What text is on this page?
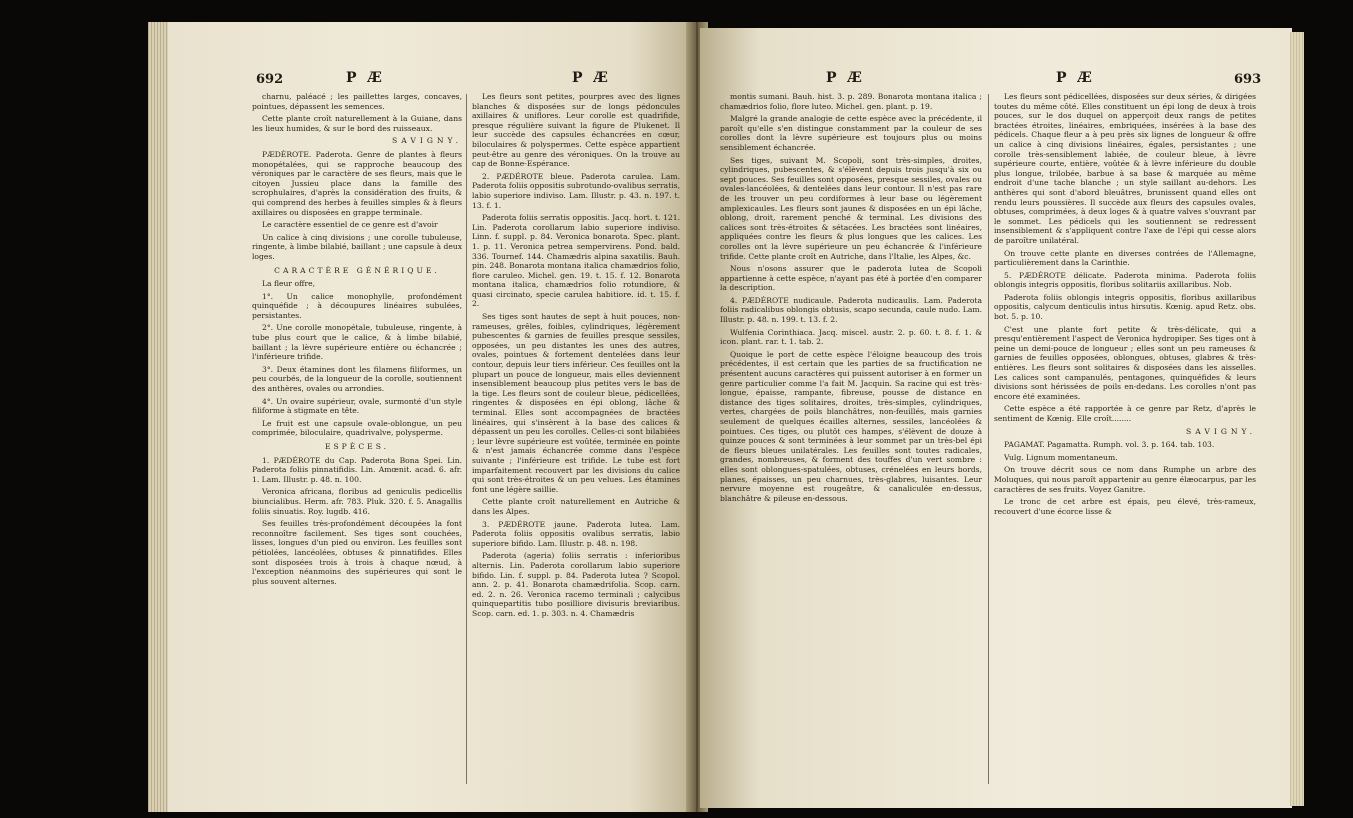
692	P Æ	P Æ

charnu, paléacé ; les paillettes larges, concaves, pointues, dépassent les semences.

Cette plante croît naturellement à la Guiane, dans les lieux humides, & sur le bord des ruisseaux.

SAVIGNY.

PÆDÉROTE. Paderota. Genre de plantes à fleurs monopétalées, qui se rapproche beaucoup des véroniques par le caractère de ses fleurs, mais que le citoyen Jussieu place dans la famille des scrophulaires, d'après la considération des fruits, & qui comprend des herbes à feuilles simples & à fleurs axillaires ou disposées en grappe terminale.

Le caractère essentiel de ce genre est d'avoir

Un calice à cinq divisions ; une corolle tubuleuse, ringente, à limbe bilabié, baillant ; une capsule à deux loges.

CARACTÈRE GÉNÉRIQUE.

La fleur offre,

1°. Un calice monophylle, profondément quinquéfide ; à découpures linéaires subulées, persistantes.

2°. Une corolle monopétale, tubuleuse, ringente, à tube plus court que le calice, & à limbe bilabié, baillant ; la lèvre supérieure entière ou échancrée ; l'inférieure trifide.

3°. Deux étamines dont les filamens filiformes, un peu courbés, de la longueur de la corolle, soutiennent des anthères, ovales ou arrondies.

4°. Un ovaire supérieur, ovale, surmonté d'un style filiforme à stigmate en tête.

Le fruit est une capsule ovale-oblongue, un peu comprimée, biloculaire, quadrivalve, polysperme.

ESPÈCES.

1. PÆDÉROTE du Cap. Paderota Bona Spei. Lin. Paderota foliis pinnatifidis. Lin. Amœnit. acad. 6. afr. 1. Lam. Illustr. p. 48. n. 100.

Veronica africana, floribus ad geniculis pedicellis biuncialibus. Herm. afr. 783. Pluk. 320. f. 5. Anagallis foliis sinuatis. Roy. lugdb. 416.

Ses feuilles très-profondément découpées la font reconnoître facilement. Ses tiges sont couchées, lisses, longues d'un pied ou environ. Les feuilles sont pétiolées, lancéolées, obtuses & pinnatifides. Elles sont disposées trois à trois à chaque nœud, à l'exception néanmoins des supérieures qui sont le plus souvent alternes.

Les fleurs sont petites, pourpres avec des lignes blanches & disposées sur de longs pédoncules axillaires & uniflores. Leur corolle est quadrifide, presque régulière suivant la figure de Plukenet. Il leur succède des capsules échancrées en cœur, biloculaires & polyspermes. Cette espèce appartient peut-être au genre des véroniques. On la trouve au cap de Bonne-Espérance.

2. PÆDÉROTE bleue. Paderota carulea. Lam. Paderota foliis oppositis subrotundo-ovalibus serratis, labio superiore indiviso. Lam. Illustr. p. 43. n. 197. t. 13. f. 1.

Paderota foliis serratis oppositis. Jacq. hort. t. 121. Lin. Paderota corollarum labio superiore indiviso. Linn. f. suppl. p. 84. Veronica bonarota. Spec. plant. 1. p. 11. Veronica petrea sempervirens. Pond. bald. 336. Tournef. 144. Chamædris alpina saxatilis. Bauh. pin. 248. Bonarota montana italica chamædrios folio, flore caruleo. Michel. gen. 19. t. 15. f. 12. Bonarota montana italica, chamædrios folio rotundiore, & quasi circinato, specie carulea habitiore. id. t. 15. f. 2.

Ses tiges sont hautes de sept à huit pouces, non-rameuses, grêles, foibles, cylindriques, légèrement pubescentes & garnies de feuilles presque sessiles, opposées, un peu distantes les unes des autres, ovales, pointues & fortement dentelées dans leur contour, depuis leur tiers inférieur. Ces feuilles ont la plupart un pouce de longueur, mais elles deviennent insensiblement beaucoup plus petites vers le bas de la tige. Les fleurs sont de couleur bleue, pédicellées, ringentes & disposées en épi oblong, lâche & terminal. Elles sont accompagnées de bractées linéaires, qui s'insèrent à la base des calices & dépassent un peu les corolles. Celles-ci sont bilabiées ; leur lèvre supérieure est voûtée, terminée en pointe & n'est jamais échancrée comme dans l'espèce suivante ; l'inférieure est trifide. Le tube est fort imparfaitement recouvert par les divisions du calice qui sont très-étroites & un peu velues. Les étamines font une légère saillie.

Cette plante croît naturellement en Autriche & dans les Alpes.

3. PÆDÉROTE jaune. Paderota lutea. Lam. Paderota foliis oppositis ovalibus serratis, labio superiore bifido. Lam. Illustr. p. 48. n. 198.

Paderota (ageria) foliis serratis : inferioribus alternis. Lin. Paderota corollarum labio superiore bifido. Lin. f. suppl. p. 84. Paderota lutea ? Scopol. ann. 2. p. 41. Bonarota chamædrifolia. Scop. carn. ed. 2. n. 26. Veronica racemo terminali ; calycibus quinquepartitis tubo posilliore divisuris breviaribus. Scop. carn. ed. 1. p. 303. n. 4. Chamædris

P Æ	P Æ	693

montis sumani. Bauh. hist. 3. p. 289. Bonarota montana italica ; chamædrios folio, flore luteo. Michel. gen. plant. p. 19.

Malgré la grande analogie de cette espèce avec la précédente, il paroît qu'elle s'en distingue constamment par la couleur de ses corolles dont la lèvre supérieure est toujours plus ou moins sensiblement échancrée.

Ses tiges, suivant M. Scopoli, sont très-simples, droites, cylindriques, pubescentes, & s'élèvent depuis trois jusqu'à six ou sept pouces. Ses feuilles sont opposées, presque sessiles, ovales ou ovales-lancéolées, & dentelées dans leur contour. Il n'est pas rare de les trouver un peu cordiformes à leur base ou légèrement amplexicaules. Les fleurs sont jaunes & disposées en un épi lâche, oblong, droit, rarement penché & terminal. Les divisions des calices sont très-étroites & sétacées. Les bractées sont linéaires, appliquées contre les fleurs & plus longues que les calices. Les corolles ont la lèvre supérieure un peu échancrée & l'inférieure trifide. Cette plante croît en Autriche, dans l'Italie, les Alpes, &c.

Nous n'osons assurer que le paderota lutea de Scopoli appartienne à cette espèce, n'ayant pas été à portée d'en comparer la description.

4. PÆDÉROTE nudicaule. Paderota nudicaulis. Lam. Paderota foliis radicalibus oblongis obtusis, scapo secunda, caule nudo. Lam. Illustr. p. 48. n. 199. t. 13. f. 2.

Wulfenia Corinthiaca. Jacq. miscel. austr. 2. p. 60. t. 8. f. 1. & icon. plant. rar. t. 1. tab. 2.

Quoique le port de cette espèce l'éloigne beaucoup des trois précédentes, il est certain que les parties de sa fructification ne présentent aucuns caractères qui puissent autoriser à en former un genre particulier comme l'a fait M. Jacquin. Sa racine qui est très-longue, épaisse, rampante, fibreuse, pousse de distance en distance des tiges solitaires, droites, très-simples, cylindriques, vertes, chargées de poils blanchâtres, non-feuillés, mais garnies seulement de quelques écailles alternes, sessiles, lancéolées & pointues. Ces tiges, ou plutôt ces hampes, s'élèvent de douze à quinze pouces & sont terminées à leur sommet par un très-bel épi de fleurs bleues unilatérales. Les feuilles sont toutes radicales, grandes, nombreuses, & forment des touffes d'un vert sombre : elles sont oblongues-spatulées, obtuses, crénelées en leurs bords, planes, épaisses, un peu charnues, très-glabres, luisantes. Leur nervure moyenne est rougeâtre, & canaliculée en-dessus, blanchâtre & pileuse en-dessous.

Les fleurs sont pédicellées, disposées sur deux séries, & dirigées toutes du même côté. Elles constituent un épi long de deux à trois pouces, sur le dos duquel on apperçoit deux rangs de petites bractées étroites, linéaires, embriquées, insérées à la base des pédicels. Chaque fleur a à peu près six lignes de longueur & offre un calice à cinq divisions linéaires, égales, persistantes ; une corolle très-sensiblement labiée, de couleur bleue, à lèvre supérieure courte, entière, voûtée & à lèvre inférieure du double plus longue, trilobée, barbue à sa base & marquée au même endroit d'une tache blanche ; un style saillant au-dehors. Les anthères qui sont d'abord bleuâtres, brunissent quand elles ont rendu leurs poussières. Il succède aux fleurs des capsules ovales, obtuses, comprimées, à deux loges & à quatre valves s'ouvrant par le sommet. Les pédicels qui les soutiennent se redressent insensiblement & s'appliquent contre l'axe de l'épi qui cesse alors de paroître unilatéral.

On trouve cette plante en diverses contrées de l'Allemagne, particulièrement dans la Carinthie.

5. PÆDÉROTE délicate. Paderota minima. Paderota foliis oblongis integris oppositis, floribus solitariis axillaribus. Nob.

Paderota foliis oblongis integris oppositis, floribus axillaribus oppositis, calycum denticulis intus hirsutis. Kœnig. apud Retz. obs. bot. 5. p. 10.

C'est une plante fort petite & très-délicate, qui a presqu'entièrement l'aspect de Veronica hydropiper. Ses tiges ont à peine un demi-pouce de longueur ; elles sont un peu rameuses & garnies de feuilles opposées, oblongues, obtuses, glabres & très-entières. Les fleurs sont solitaires & disposées dans les aisselles. Les calices sont campanulés, pentagones, quinquéfides & leurs divisions sont hérissées de poils en-dedans. Les corolles n'ont pas encore été examinées.

Cette espèce a été rapportée à ce genre par Retz, d'après le sentiment de Kœnig. Elle croît........

SAVIGNY.

PAGAMAT. Pagamatta. Rumph. vol. 3. p. 164. tab. 103.

Vulg. Lignum momentaneum.

On trouve décrit sous ce nom dans Rumphe un arbre des Moluques, qui nous paroît appartenir au genre élæocarpus, par les caractères de ses fruits. Voyez Ganitre.

Le tronc de cet arbre est épais, peu élevé, très-rameux, recouvert d'une écorce lisse &
